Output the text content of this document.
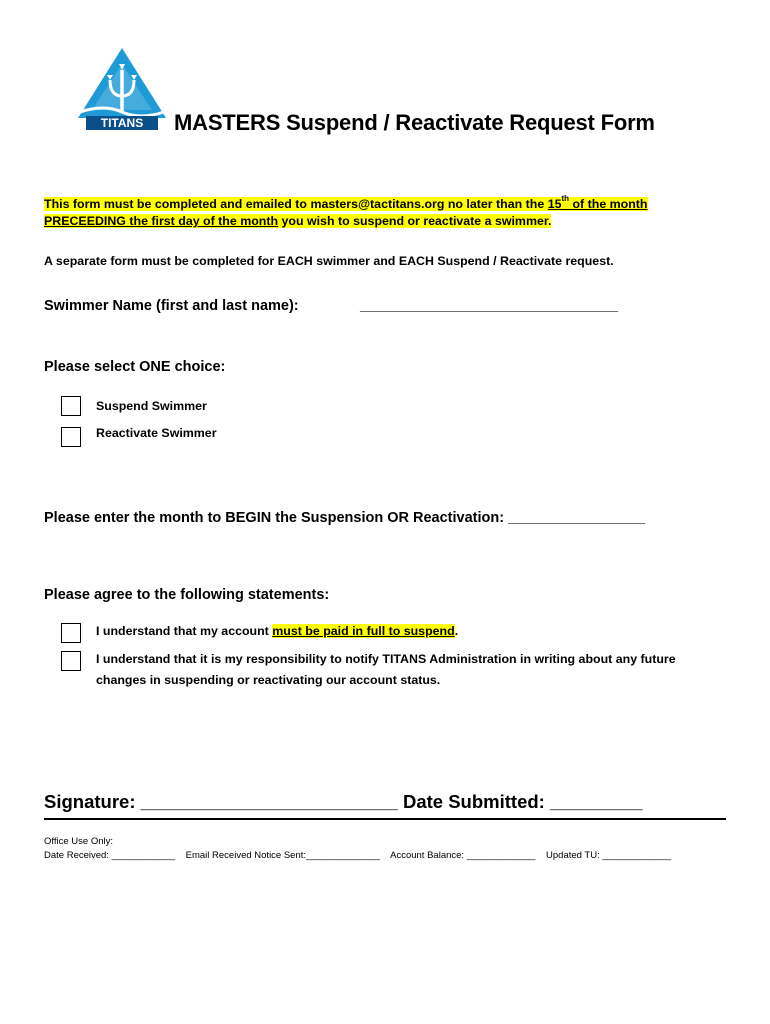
TITANS MASTERS Suspend / Reactivate Request Form
This form must be completed and emailed to masters@tactitans.org no later than the 15th of the month
PRECEEDING the first day of the month you wish to suspend or reactivate a swimmer.
A separate form must be completed for EACH swimmer and EACH Suspend / Reactivate request.
Swimmer Name (first and last name):	________________________________
Please select ONE choice:
Suspend Swimmer
Reactivate Swimmer
Please enter the month to BEGIN the Suspension OR Reactivation: _________________
Please agree to the following statements:
I understand that my account must be paid in full to suspend.
I understand that it is my responsibility to notify TITANS Administration in writing about any future
changes in suspending or reactivating our account status.
Signature: _________________________ Date Submitted: _________
Office Use Only:
Date Received: ____________ Email Received Notice Sent:______________ Account Balance: _____________ Updated TU: _____________
